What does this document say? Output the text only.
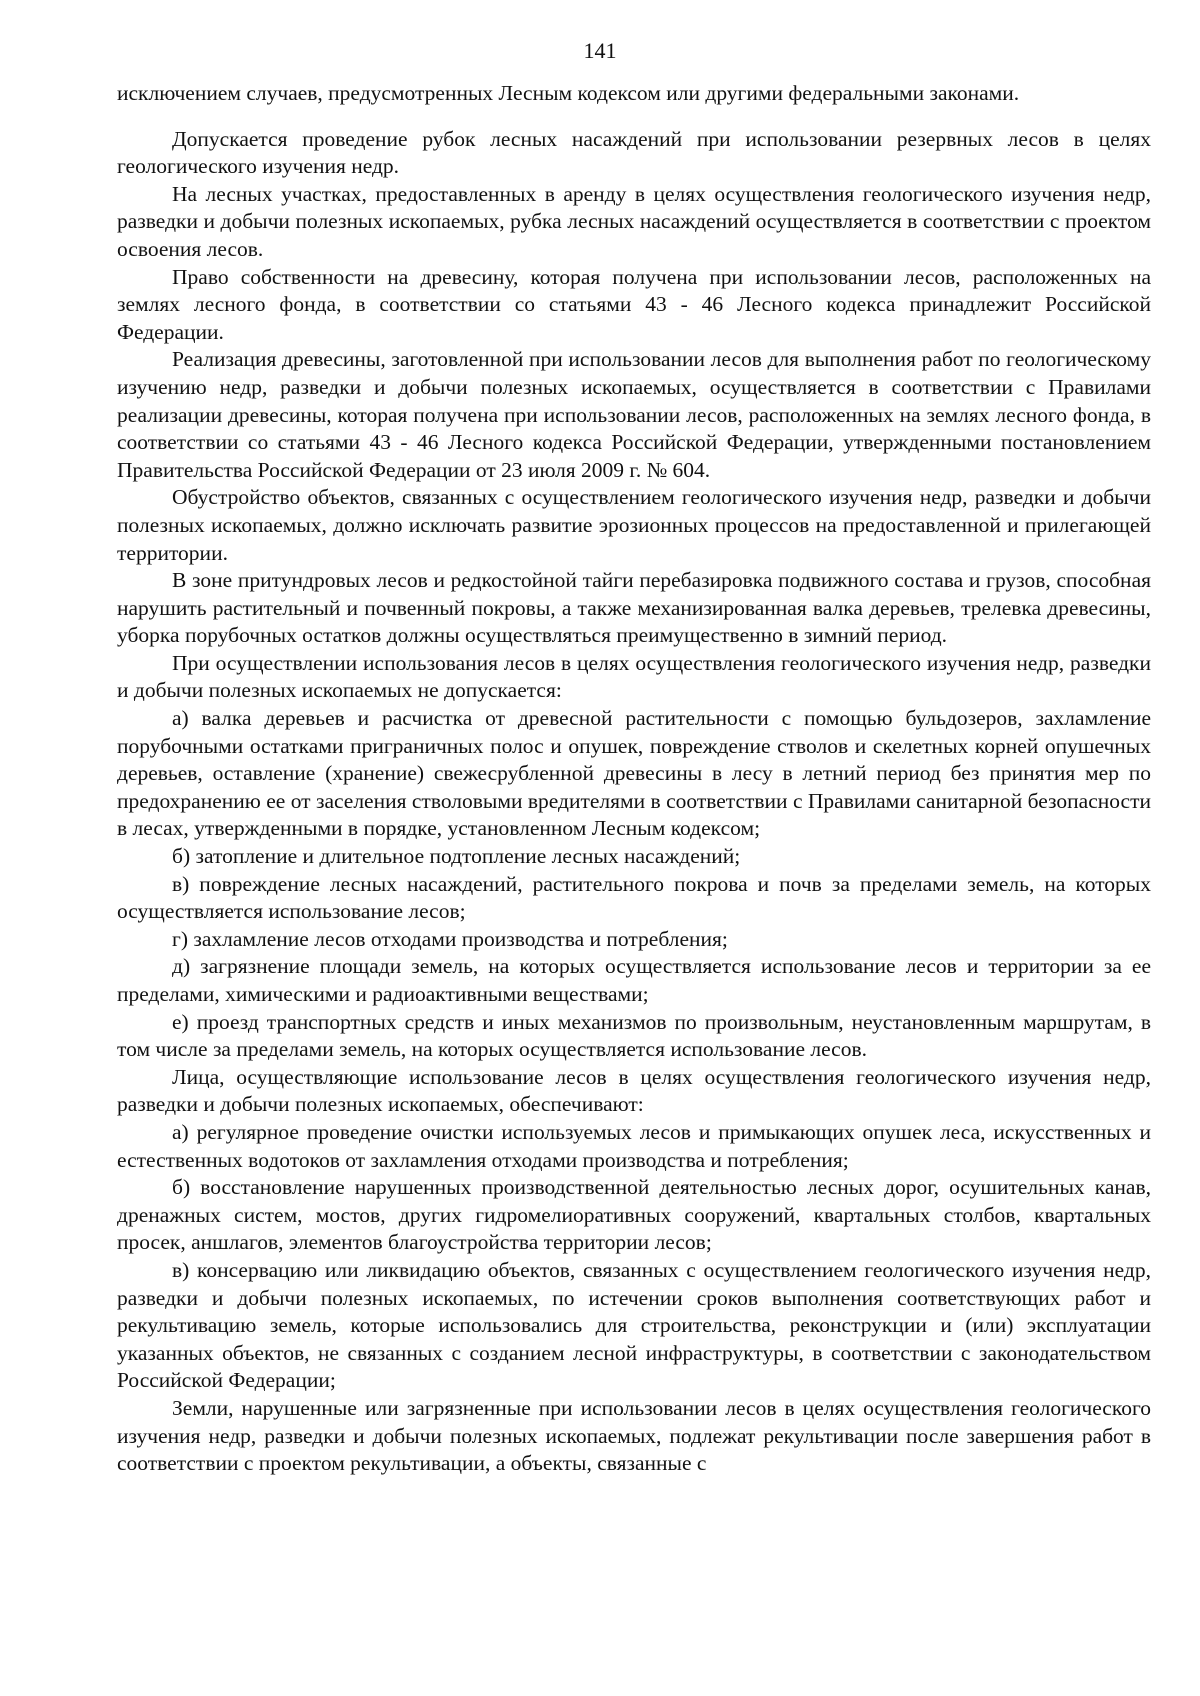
141

исключением случаев, предусмотренных Лесным кодексом или другими федеральными законами.

Допускается проведение рубок лесных насаждений при использовании резервных лесов в целях геологического изучения недр.

На лесных участках, предоставленных в аренду в целях осуществления геологического изучения недр, разведки и добычи полезных ископаемых, рубка лесных насаждений осуществляется в соответствии с проектом освоения лесов.

Право собственности на древесину, которая получена при использовании лесов, расположенных на землях лесного фонда, в соответствии со статьями 43 - 46 Лесного кодекса принадлежит Российской Федерации.

Реализация древесины, заготовленной при использовании лесов для выполнения работ по геологическому изучению недр, разведки и добычи полезных ископаемых, осуществляется в соответствии с Правилами реализации древесины, которая получена при использовании лесов, расположенных на землях лесного фонда, в соответствии со статьями 43 - 46 Лесного кодекса Российской Федерации, утвержденными постановлением Правительства Российской Федерации от 23 июля 2009 г. № 604.

Обустройство объектов, связанных с осуществлением геологического изучения недр, разведки и добычи полезных ископаемых, должно исключать развитие эрозионных процессов на предоставленной и прилегающей территории.

В зоне притундровых лесов и редкостойной тайги перебазировка подвижного состава и грузов, способная нарушить растительный и почвенный покровы, а также механизированная валка деревьев, трелевка древесины, уборка порубочных остатков должны осуществляться преимущественно в зимний период.

При осуществлении использования лесов в целях осуществления геологического изучения недр, разведки и добычи полезных ископаемых не допускается:

а) валка деревьев и расчистка от древесной растительности с помощью бульдозеров, захламление порубочными остатками приграничных полос и опушек, повреждение стволов и скелетных корней опушечных деревьев, оставление (хранение) свежесрубленной древесины в лесу в летний период без принятия мер по предохранению ее от заселения стволовыми вредителями в соответствии с Правилами санитарной безопасности в лесах, утвержденными в порядке, установленном Лесным кодексом;

б) затопление и длительное подтопление лесных насаждений;

в) повреждение лесных насаждений, растительного покрова и почв за пределами земель, на которых осуществляется использование лесов;

г) захламление лесов отходами производства и потребления;

д) загрязнение площади земель, на которых осуществляется использование лесов и территории за ее пределами, химическими и радиоактивными веществами;

е) проезд транспортных средств и иных механизмов по произвольным, неустановленным маршрутам, в том числе за пределами земель, на которых осуществляется использование лесов.

Лица, осуществляющие использование лесов в целях осуществления геологического изучения недр, разведки и добычи полезных ископаемых, обеспечивают:

а) регулярное проведение очистки используемых лесов и примыкающих опушек леса, искусственных и естественных водотоков от захламления отходами производства и потребления;

б) восстановление нарушенных производственной деятельностью лесных дорог, осушительных канав, дренажных систем, мостов, других гидромелиоративных сооружений, квартальных столбов, квартальных просек, аншлагов, элементов благоустройства территории лесов;

в) консервацию или ликвидацию объектов, связанных с осуществлением геологического изучения недр, разведки и добычи полезных ископаемых, по истечении сроков выполнения соответствующих работ и рекультивацию земель, которые использовались для строительства, реконструкции и (или) эксплуатации указанных объектов, не связанных с созданием лесной инфраструктуры, в соответствии с законодательством Российской Федерации;

Земли, нарушенные или загрязненные при использовании лесов в целях осуществления геологического изучения недр, разведки и добычи полезных ископаемых, подлежат рекультивации после завершения работ в соответствии с проектом рекультивации, а объекты, связанные с
